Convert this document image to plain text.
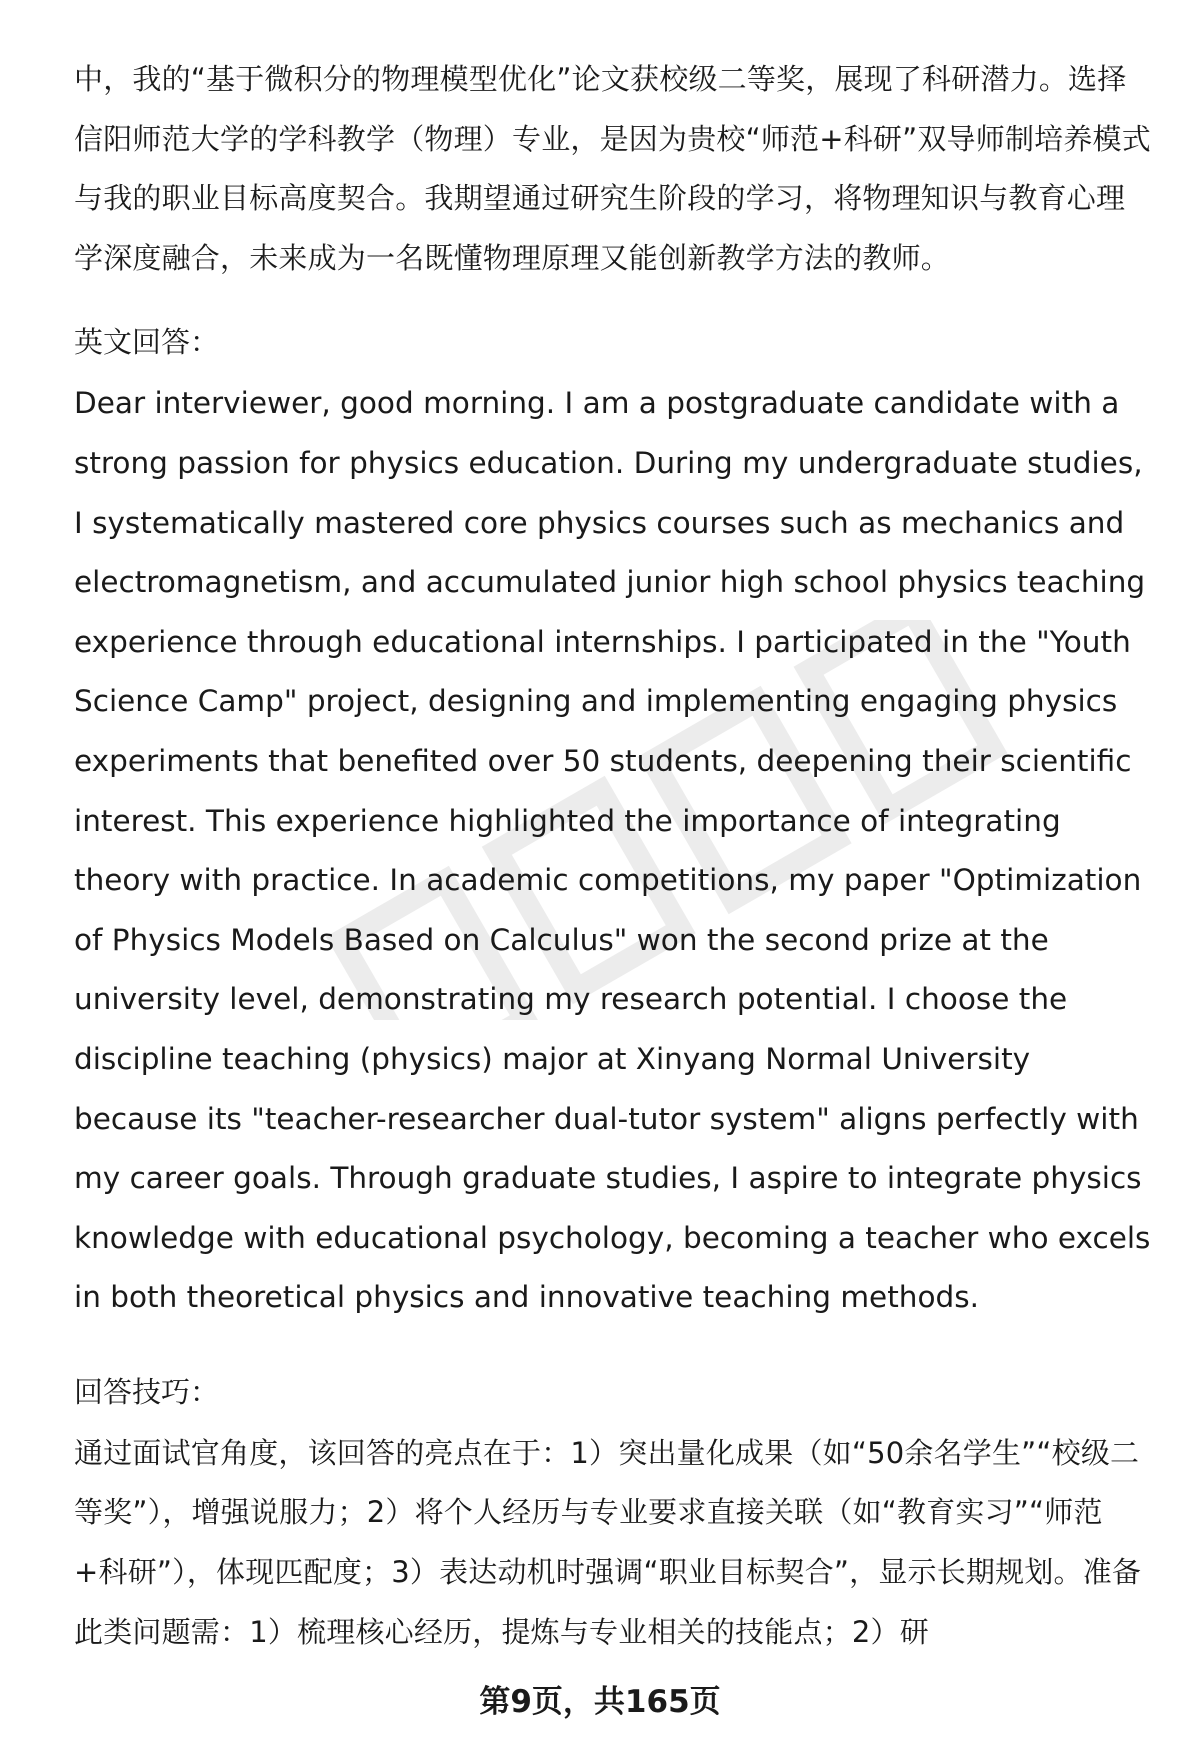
中，我的“基于微积分的物理模型优化”论文获校级二等奖，展现了科研潜力。选择信阳师范大学的学科教学（物理）专业，是因为贵校“师范+科研”双导师制培养模式与我的职业目标高度契合。我期望通过研究生阶段的学习，将物理知识与教育心理学深度融合，未来成为一名既懂物理原理又能创新教学方法的教师。

英文回答：

Dear interviewer, good morning. I am a postgraduate candidate with a strong passion for physics education. During my undergraduate studies, I systematically mastered core physics courses such as mechanics and electromagnetism, and accumulated junior high school physics teaching experience through educational internships. I participated in the "Youth Science Camp" project, designing and implementing engaging physics experiments that benefited over 50 students, deepening their scientific interest. This experience highlighted the importance of integrating theory with practice. In academic competitions, my paper "Optimization of Physics Models Based on Calculus" won the second prize at the university level, demonstrating my research potential. I choose the discipline teaching (physics) major at Xinyang Normal University because its "teacher-researcher dual-tutor system" aligns perfectly with my career goals. Through graduate studies, I aspire to integrate physics knowledge with educational psychology, becoming a teacher who excels in both theoretical physics and innovative teaching methods.

回答技巧：

通过面试官角度，该回答的亮点在于：1）突出量化成果（如“50余名学生”“校级二等奖”），增强说服力；2）将个人经历与专业要求直接关联（如“教育实习”“师范+科研”），体现匹配度；3）表达动机时强调“职业目标契合”，显示长期规划。准备此类问题需：1）梳理核心经历，提炼与专业相关的技能点；2）研

第9页，共165页
